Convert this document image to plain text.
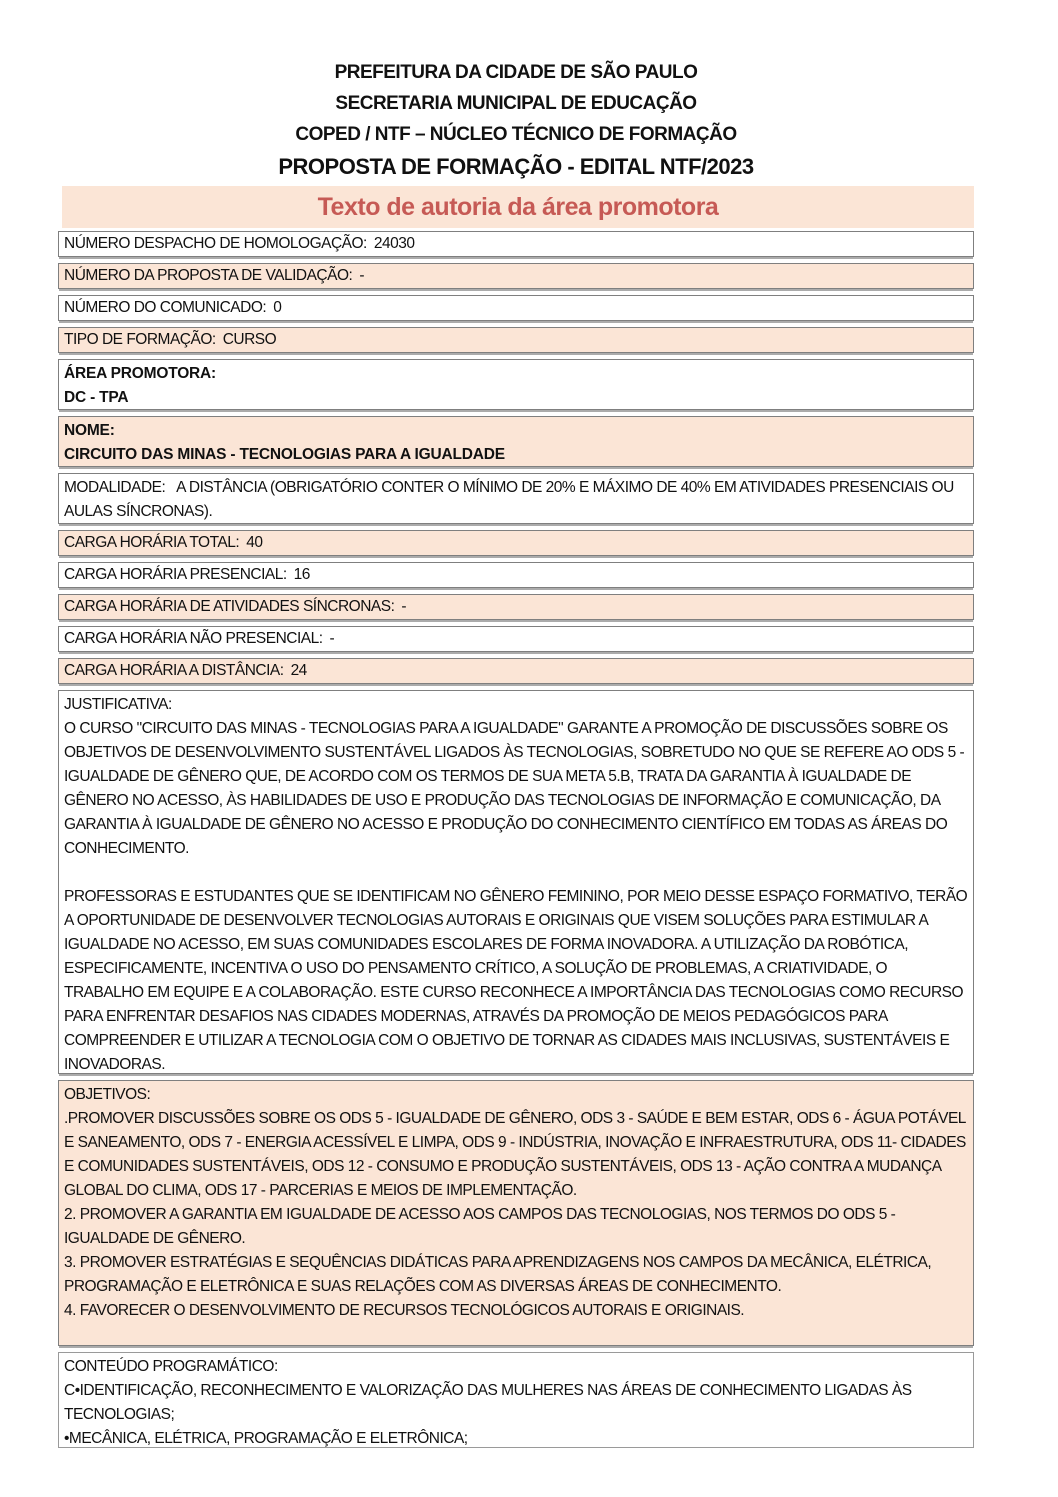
PREFEITURA DA CIDADE DE SÃO PAULO
SECRETARIA MUNICIPAL DE EDUCAÇÃO
COPED / NTF – NÚCLEO TÉCNICO DE FORMAÇÃO
PROPOSTA DE FORMAÇÃO - EDITAL NTF/2023
Texto de autoria da área promotora
NÚMERO DESPACHO DE HOMOLOGAÇÃO: 24030
NÚMERO DA PROPOSTA DE VALIDAÇÃO: -
NÚMERO DO COMUNICADO: 0
TIPO DE FORMAÇÃO: CURSO
ÁREA PROMOTORA:
DC - TPA
NOME:
CIRCUITO DAS MINAS - TECNOLOGIAS PARA A IGUALDADE
MODALIDADE: A DISTÂNCIA (OBRIGATÓRIO CONTER O MÍNIMO DE 20% E MÁXIMO DE 40% EM ATIVIDADES PRESENCIAIS OU AULAS SÍNCRONAS).
CARGA HORÁRIA TOTAL: 40
CARGA HORÁRIA PRESENCIAL: 16
CARGA HORÁRIA DE ATIVIDADES SÍNCRONAS: -
CARGA HORÁRIA NÃO PRESENCIAL: -
CARGA HORÁRIA A DISTÂNCIA: 24
JUSTIFICATIVA:

O CURSO "CIRCUITO DAS MINAS - TECNOLOGIAS PARA A IGUALDADE" GARANTE A PROMOÇÃO DE DISCUSSÕES SOBRE OS OBJETIVOS DE DESENVOLVIMENTO SUSTENTÁVEL LIGADOS ÀS TECNOLOGIAS, SOBRETUDO NO QUE SE REFERE AO ODS 5 - IGUALDADE DE GÊNERO QUE, DE ACORDO COM OS TERMOS DE SUA META 5.B, TRATA DA GARANTIA À IGUALDADE DE GÊNERO NO ACESSO, ÀS HABILIDADES DE USO E PRODUÇÃO DAS TECNOLOGIAS DE INFORMAÇÃO E COMUNICAÇÃO, DA GARANTIA À IGUALDADE DE GÊNERO NO ACESSO E PRODUÇÃO DO CONHECIMENTO CIENTÍFICO EM TODAS AS ÁREAS DO CONHECIMENTO.

PROFESSORAS E ESTUDANTES QUE SE IDENTIFICAM NO GÊNERO FEMININO, POR MEIO DESSE ESPAÇO FORMATIVO, TERÃO A OPORTUNIDADE DE DESENVOLVER TECNOLOGIAS AUTORAIS E ORIGINAIS QUE VISEM SOLUÇÕES PARA ESTIMULAR A IGUALDADE NO ACESSO, EM SUAS COMUNIDADES ESCOLARES DE FORMA INOVADORA. A UTILIZAÇÃO DA ROBÓTICA, ESPECIFICAMENTE, INCENTIVA O USO DO PENSAMENTO CRÍTICO, A SOLUÇÃO DE PROBLEMAS, A CRIATIVIDADE, O TRABALHO EM EQUIPE E A COLABORAÇÃO. ESTE CURSO RECONHECE A IMPORTÂNCIA DAS TECNOLOGIAS COMO RECURSO PARA ENFRENTAR DESAFIOS NAS CIDADES MODERNAS, ATRAVÉS DA PROMOÇÃO DE MEIOS PEDAGÓGICOS PARA COMPREENDER E UTILIZAR A TECNOLOGIA COM O OBJETIVO DE TORNAR AS CIDADES MAIS INCLUSIVAS, SUSTENTÁVEIS E INOVADORAS.

OBJETIVOS:

.PROMOVER DISCUSSÕES SOBRE OS ODS 5 - IGUALDADE DE GÊNERO, ODS 3 - SAÚDE E BEM ESTAR, ODS 6 - ÁGUA POTÁVEL E SANEAMENTO, ODS 7 - ENERGIA ACESSÍVEL E LIMPA, ODS 9 - INDÚSTRIA, INOVAÇÃO E INFRAESTRUTURA, ODS 11- CIDADES E COMUNIDADES SUSTENTÁVEIS, ODS 12 - CONSUMO E PRODUÇÃO SUSTENTÁVEIS, ODS 13 - AÇÃO CONTRA A MUDANÇA GLOBAL DO CLIMA, ODS 17 - PARCERIAS E MEIOS DE IMPLEMENTAÇÃO.

2. PROMOVER A GARANTIA EM IGUALDADE DE ACESSO AOS CAMPOS DAS TECNOLOGIAS, NOS TERMOS DO ODS 5 - IGUALDADE DE GÊNERO.

3. PROMOVER ESTRATÉGIAS E SEQUÊNCIAS DIDÁTICAS PARA APRENDIZAGENS NOS CAMPOS DA MECÂNICA, ELÉTRICA, PROGRAMAÇÃO E ELETRÔNICA E SUAS RELAÇÕES COM AS DIVERSAS ÁREAS DE CONHECIMENTO.

4. FAVORECER O DESENVOLVIMENTO DE RECURSOS TECNOLÓGICOS AUTORAIS E ORIGINAIS.

CONTEÚDO PROGRAMÁTICO:

C•IDENTIFICAÇÃO, RECONHECIMENTO E VALORIZAÇÃO DAS MULHERES NAS ÁREAS DE CONHECIMENTO LIGADAS ÀS TECNOLOGIAS;

•MECÂNICA, ELÉTRICA, PROGRAMAÇÃO E ELETRÔNICA;
